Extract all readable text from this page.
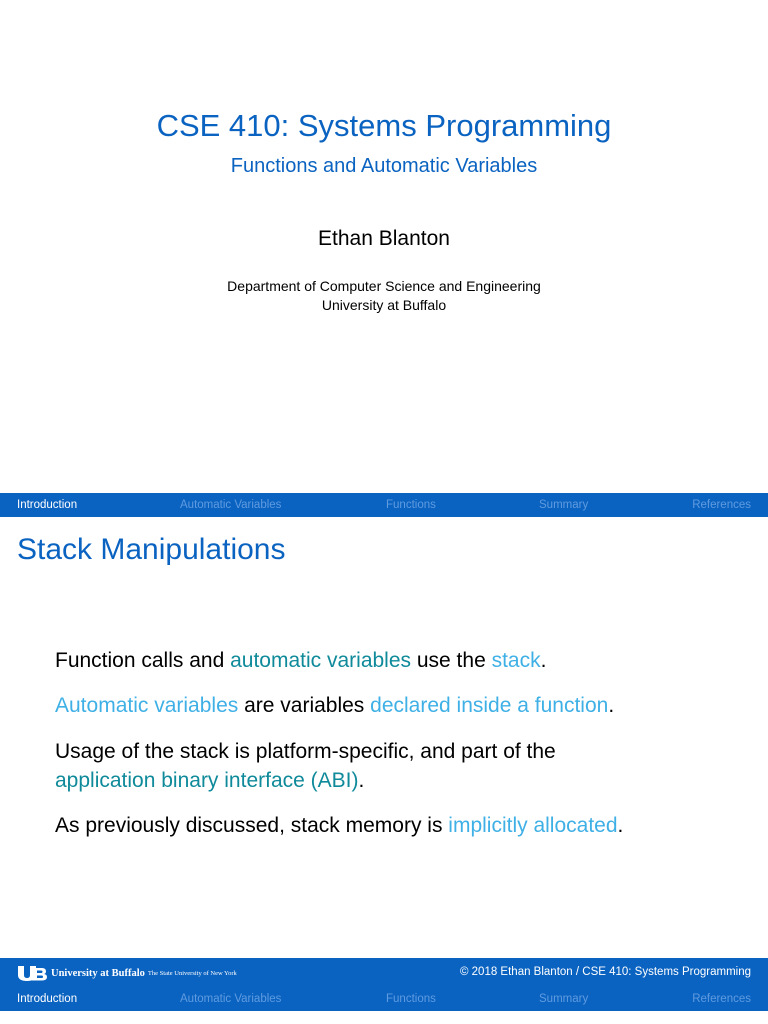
CSE 410: Systems Programming
Functions and Automatic Variables
Ethan Blanton
Department of Computer Science and Engineering
University at Buffalo
Introduction	Automatic Variables	Functions	Summary	References
Stack Manipulations
Function calls and automatic variables use the stack.
Automatic variables are variables declared inside a function.
Usage of the stack is platform-specific, and part of the
application binary interface (ABI).
As previously discussed, stack memory is implicitly allocated.
University at Buffalo The State University of New York	© 2018 Ethan Blanton / CSE 410: Systems Programming
Introduction	Automatic Variables	Functions	Summary	References
